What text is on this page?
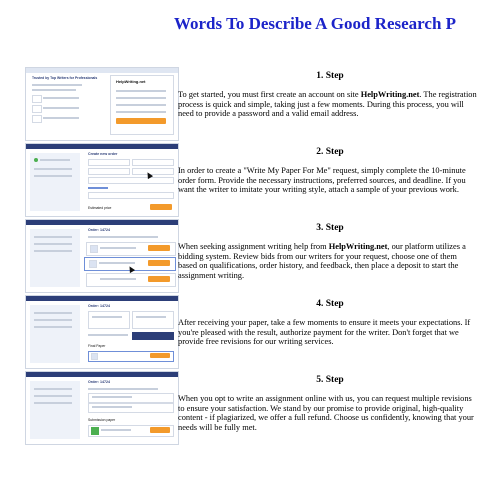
Words To Describe A Good Research P
Trusted by Top Writers for Professionals
HelpWriting.net
1. Step
To get started, you must first create an account on site HelpWriting.net. The registration process is quick and simple, taking just a few moments. During this process, you will need to provide a password and a valid email address.
Create new order
Estimated price
2. Step
In order to create a "Write My Paper For Me" request, simply complete the 10-minute order form. Provide the necessary instructions, preferred sources, and deadline. If you want the writer to imitate your writing style, attach a sample of your previous work.
Order: 14724	3. Step
When seeking assignment writing help from HelpWriting.net, our platform utilizes a bidding system. Review bids from our writers for your request, choose one of them based on qualifications, order history, and feedback, then place a deposit to start the assignment writing.
Order: 14724
Final Paper
4. Step
After receiving your paper, take a few moments to ensure it meets your expectations. If you're pleased with the result, authorize payment for the writer. Don't forget that we provide free revisions for our writing services.
Order: 14724
Submission paper
5. Step
When you opt to write an assignment online with us, you can request multiple revisions to ensure your satisfaction. We stand by our promise to provide original, high-quality content - if plagiarized, we offer a full refund. Choose us confidently, knowing that your needs will be fully met.
